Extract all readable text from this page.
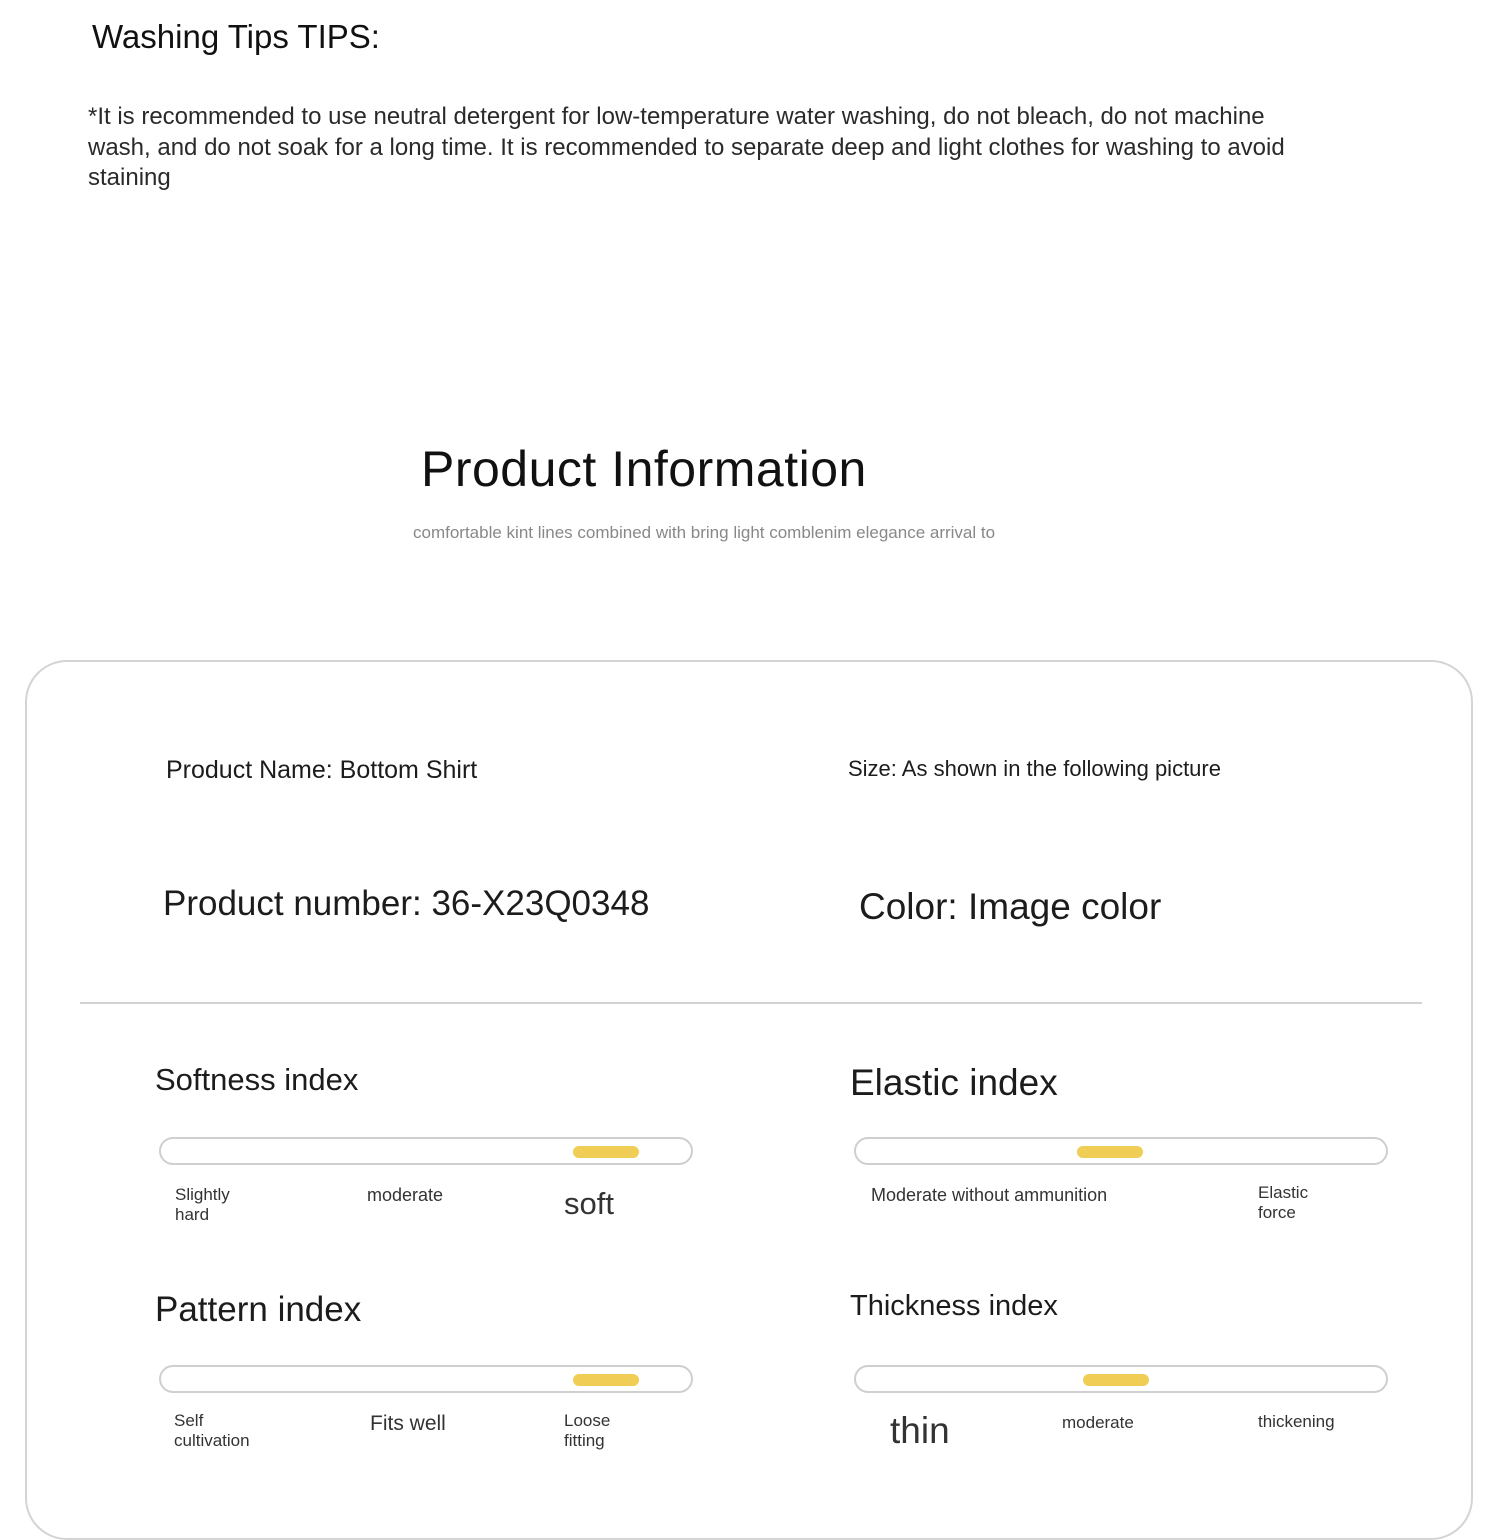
Washing Tips TIPS:
*It is recommended to use neutral detergent for low-temperature water washing, do not bleach, do not machine wash, and do not soak for a long time. It is recommended to separate deep and light clothes for washing to avoid staining
Product Information
comfortable kint lines combined with bring light comblenim elegance arrival to
Product Name: Bottom Shirt	Size: As shown in the following picture
Product number: 36-X23Q0348	Color: Image color
Softness index
Slightly
hard
moderate	soft
Elastic index
Moderate without ammunition	Elastic
force
Pattern index
Self
cultivation
Fits well	Loose
fitting
Thickness index
thin	moderate	thickening
